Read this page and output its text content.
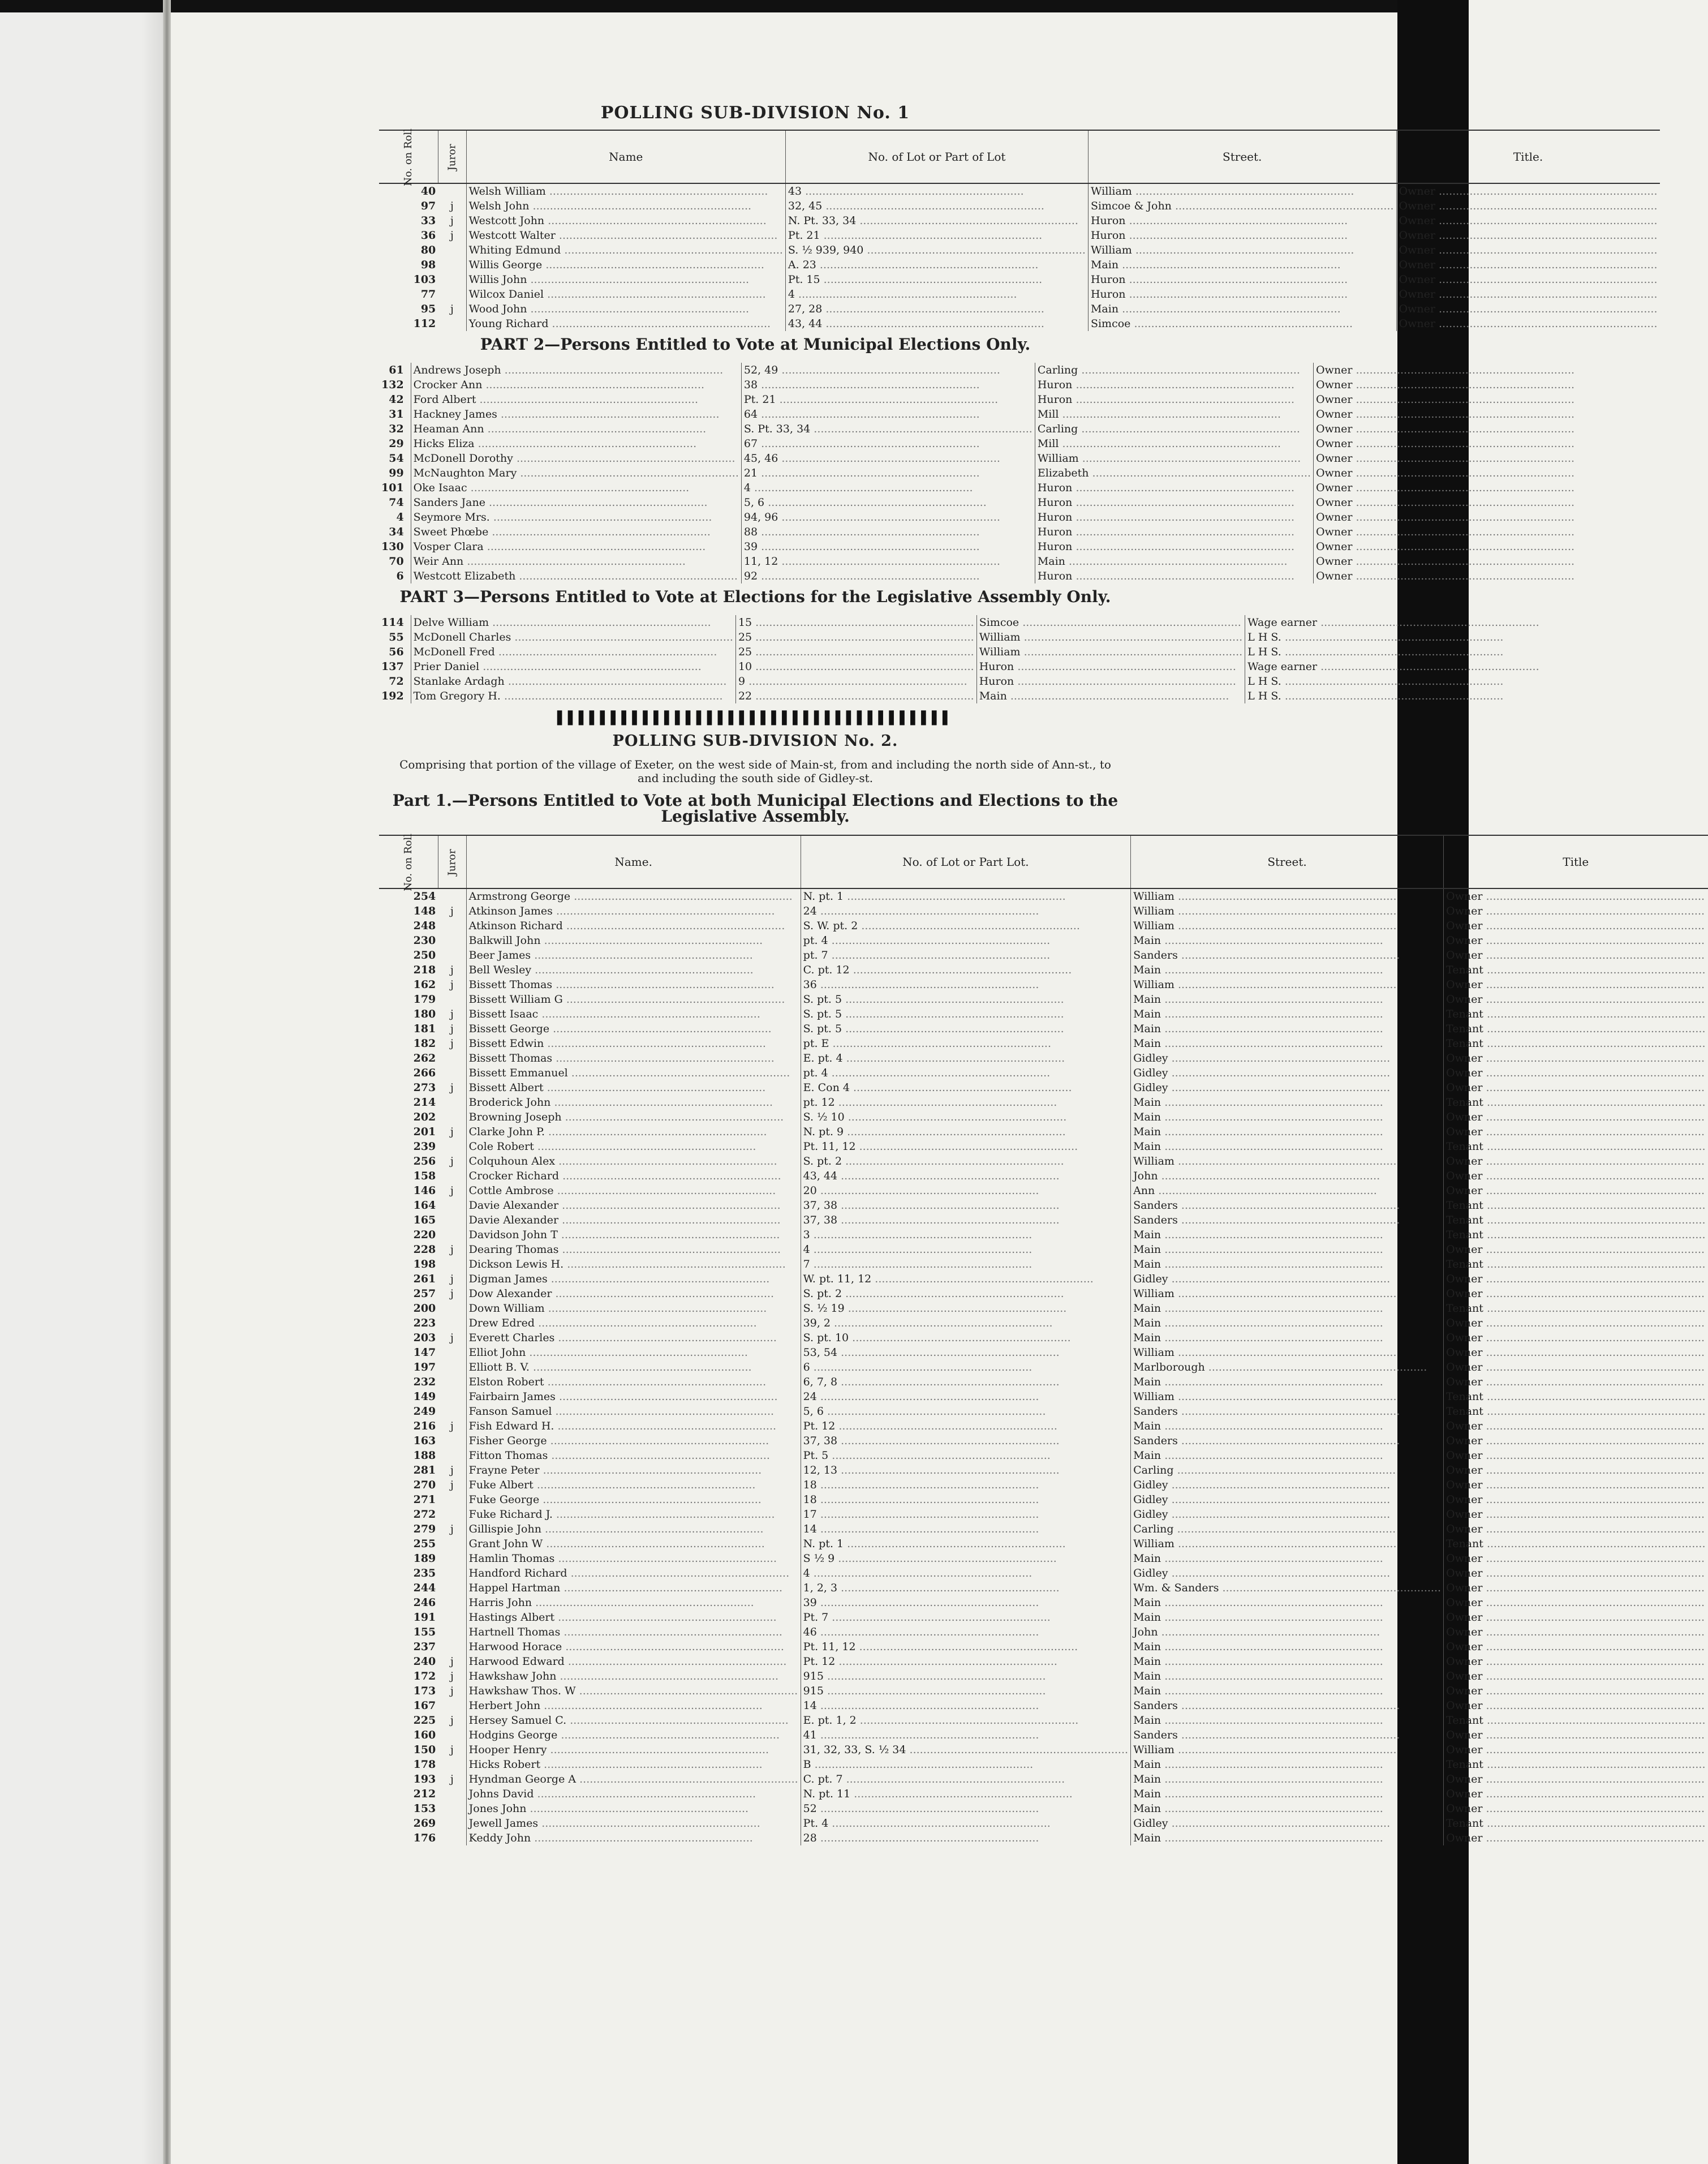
POLLING SUB-DIVISION No. 1
No. on Roll	Juror	Name	No. of Lot or Part of Lot	Street.	Title.
40		Welsh William .....	43 .....	William .....	Owner .....
97	j	Welsh John .....	32, 45 .....	Simcoe & John .....	Owner .....
33	j	Westcott John .....	N. Pt. 33, 34 .....	Huron .....	Owner .....
36	j	Westcott Walter .....	Pt. 21 .....	Huron .....	Owner .....
80		Whiting Edmund .....	S. ½ 939, 940 .....	William .....	Owner .....
98		Willis George .....	A. 23 .....	Main .....	Owner .....
103		Willis John .....	Pt. 15 .....	Huron .....	Owner .....
77		Wilcox Daniel .....	4 .....	Huron .....	Owner .....
95	j	Wood John .....	27, 28 .....	Main .....	Owner .....
112		Young Richard .....	43, 44 .....	Simcoe .....	Owner .....
PART 2—Persons Entitled to Vote at Municipal Elections Only.
61		Andrews Joseph .....	52, 49 .....	Carling .....	Owner .....
132		Crocker Ann .....	38 .....	Huron .....	Owner .....
42		Ford Albert .....	Pt. 21 .....	Huron .....	Owner .....
31		Hackney James .....	64 .....	Mill .....	Owner .....
32		Heaman Ann .....	S. Pt. 33, 34 .....	Carling .....	Owner .....
29		Hicks Eliza .....	67 .....	Mill .....	Owner .....
54		McDonell Dorothy .....	45, 46 .....	William .....	Owner .....
99		McNaughton Mary .....	21 .....	Elizabeth .....	Owner .....
101		Oke Isaac .....	4 .....	Huron .....	Owner .....
74		Sanders Jane .....	5, 6 .....	Huron .....	Owner .....
4		Seymore Mrs. .....	94, 96 .....	Huron .....	Owner .....
34		Sweet Phœbe .....	88 .....	Huron .....	Owner .....
130		Vosper Clara .....	39 .....	Huron .....	Owner .....
70		Weir Ann .....	11, 12 .....	Main .....	Owner .....
6		Westcott Elizabeth .....	92 .....	Huron .....	Owner .....
PART 3—Persons Entitled to Vote at Elections for the Legislative Assembly Only.
114		Delve William .....	15 .....	Simcoe .....	Wage earner .....
55		McDonell Charles .....	25 .....	William .....	L H S. .....
56		McDonell Fred .....	25 .....	William .....	L H S. .....
137		Prier Daniel .....	10 .....	Huron .....	Wage earner .....
72		Stanlake Ardagh .....	9 .....	Huron .....	L H S. .....
192		Tom Gregory H. .....	22 .....	Main .....	L H S. .....
▌▌▌▌▌▌▌▌▌▌▌▌▌▌▌▌▌▌▌▌▌▌▌▌▌▌▌▌▌▌▌▌▌▌▌▌▌
POLLING SUB-DIVISION No. 2.
Comprising that portion of the village of Exeter, on the west side of Main-st, from and including the north side of Ann-st., to and including the south side of Gidley-st.
Part 1.—Persons Entitled to Vote at both Municipal Elections and Elections to the Legislative Assembly.
No. on Roll	Juror	Name.	No. of Lot or Part Lot.	Street.	Title
254		Armstrong George .....	N. pt. 1 .....	William .....	Owner .....
148	j	Atkinson James .....	24 .....	William .....	Owner .....
248		Atkinson Richard .....	S. W. pt. 2 .....	William .....	Owner .....
230		Balkwill John .....	pt. 4 .....	Main .....	Owner .....
250		Beer James .....	pt. 7 .....	Sanders .....	Owner .....
218	j	Bell Wesley .....	C. pt. 12 .....	Main .....	Tenant .....
162	j	Bissett Thomas .....	36 .....	William .....	Owner .....
179		Bissett William G .....	S. pt. 5 .....	Main .....	Owner .....
180	j	Bissett Isaac .....	S. pt. 5 .....	Main .....	Tenant .....
181	j	Bissett George .....	S. pt. 5 .....	Main .....	Tenant .....
182	j	Bissett Edwin .....	pt. E .....	Main .....	Tenant .....
262		Bissett Thomas .....	E. pt. 4 .....	Gidley .....	Owner .....
266		Bissett Emmanuel .....	pt. 4 .....	Gidley .....	Owner .....
273	j	Bissett Albert .....	E. Con 4 .....	Gidley .....	Owner .....
214		Broderick John .....	pt. 12 .....	Main .....	Tenant .....
202		Browning Joseph .....	S. ½ 10 .....	Main .....	Owner .....
201	j	Clarke John P. .....	N. pt. 9 .....	Main .....	Owner .....
239		Cole Robert .....	Pt. 11, 12 .....	Main .....	Tenant .....
256	j	Colquhoun Alex .....	S. pt. 2 .....	William .....	Owner .....
158		Crocker Richard .....	43, 44 .....	John .....	Owner .....
146	j	Cottle Ambrose .....	20 .....	Ann .....	Owner .....
164		Davie Alexander .....	37, 38 .....	Sanders .....	Tenant .....
165		Davie Alexander .....	37, 38 .....	Sanders .....	Tenant .....
220		Davidson John T .....	3 .....	Main .....	Tenant .....
228	j	Dearing Thomas .....	4 .....	Main .....	Owner .....
198		Dickson Lewis H. .....	7 .....	Main .....	Tenant .....
261	j	Digman James .....	W. pt. 11, 12 .....	Gidley .....	Owner .....
257	j	Dow Alexander .....	S. pt. 2 .....	William .....	Owner .....
200		Down William .....	S. ½ 19 .....	Main .....	Tenant .....
223		Drew Edred .....	39, 2 .....	Main .....	Owner .....
203	j	Everett Charles .....	S. pt. 10 .....	Main .....	Owner .....
147		Elliot John .....	53, 54 .....	William .....	Owner .....
197		Elliott B. V. .....	6 .....	Marlborough .....	Owner .....
232		Elston Robert .....	6, 7, 8 .....	Main .....	Owner .....
149		Fairbairn James .....	24 .....	William .....	Tenant .....
249		Fanson Samuel .....	5, 6 .....	Sanders .....	Tenant .....
216	j	Fish Edward H. .....	Pt. 12 .....	Main .....	Owner .....
163		Fisher George .....	37, 38 .....	Sanders .....	Owner .....
188		Fitton Thomas .....	Pt. 5 .....	Main .....	Owner .....
281	j	Frayne Peter .....	12, 13 .....	Carling .....	Owner .....
270	j	Fuke Albert .....	18 .....	Gidley .....	Owner .....
271		Fuke George .....	18 .....	Gidley .....	Owner .....
272		Fuke Richard J. .....	17 .....	Gidley .....	Owner .....
279	j	Gillispie John .....	14 .....	Carling .....	Owner .....
255		Grant John W .....	N. pt. 1 .....	William .....	Tenant .....
189		Hamlin Thomas .....	S ½ 9 .....	Main .....	Owner .....
235		Handford Richard .....	4 .....	Gidley .....	Owner .....
244		Happel Hartman .....	1, 2, 3 .....	Wm. & Sanders .....	Owner .....
246		Harris John .....	39 .....	Main .....	Owner .....
191		Hastings Albert .....	Pt. 7 .....	Main .....	Owner .....
155		Hartnell Thomas .....	46 .....	John .....	Owner .....
237		Harwood Horace .....	Pt. 11, 12 .....	Main .....	Owner .....
240	j	Harwood Edward .....	Pt. 12 .....	Main .....	Owner .....
172	j	Hawkshaw John .....	915 .....	Main .....	Owner .....
173	j	Hawkshaw Thos. W .....	915 .....	Main .....	Owner .....
167		Herbert John .....	14 .....	Sanders .....	Owner .....
225	j	Hersey Samuel C. .....	E. pt. 1, 2 .....	Main .....	Tenant .....
160		Hodgins George .....	41 .....	Sanders .....	Owner .....
150	j	Hooper Henry .....	31, 32, 33, S. ½ 34 .....	William .....	Owner .....
178		Hicks Robert .....	B .....	Main .....	Tenant .....
193	j	Hyndman George A .....	C. pt. 7 .....	Main .....	Owner .....
212		Johns David .....	N. pt. 11 .....	Main .....	Owner .....
153		Jones John .....	52 .....	Main .....	Owner .....
269		Jewell James .....	Pt. 4 .....	Gidley .....	Tenant .....
176		Keddy John .....	28 .....	Main .....	Owner .....
